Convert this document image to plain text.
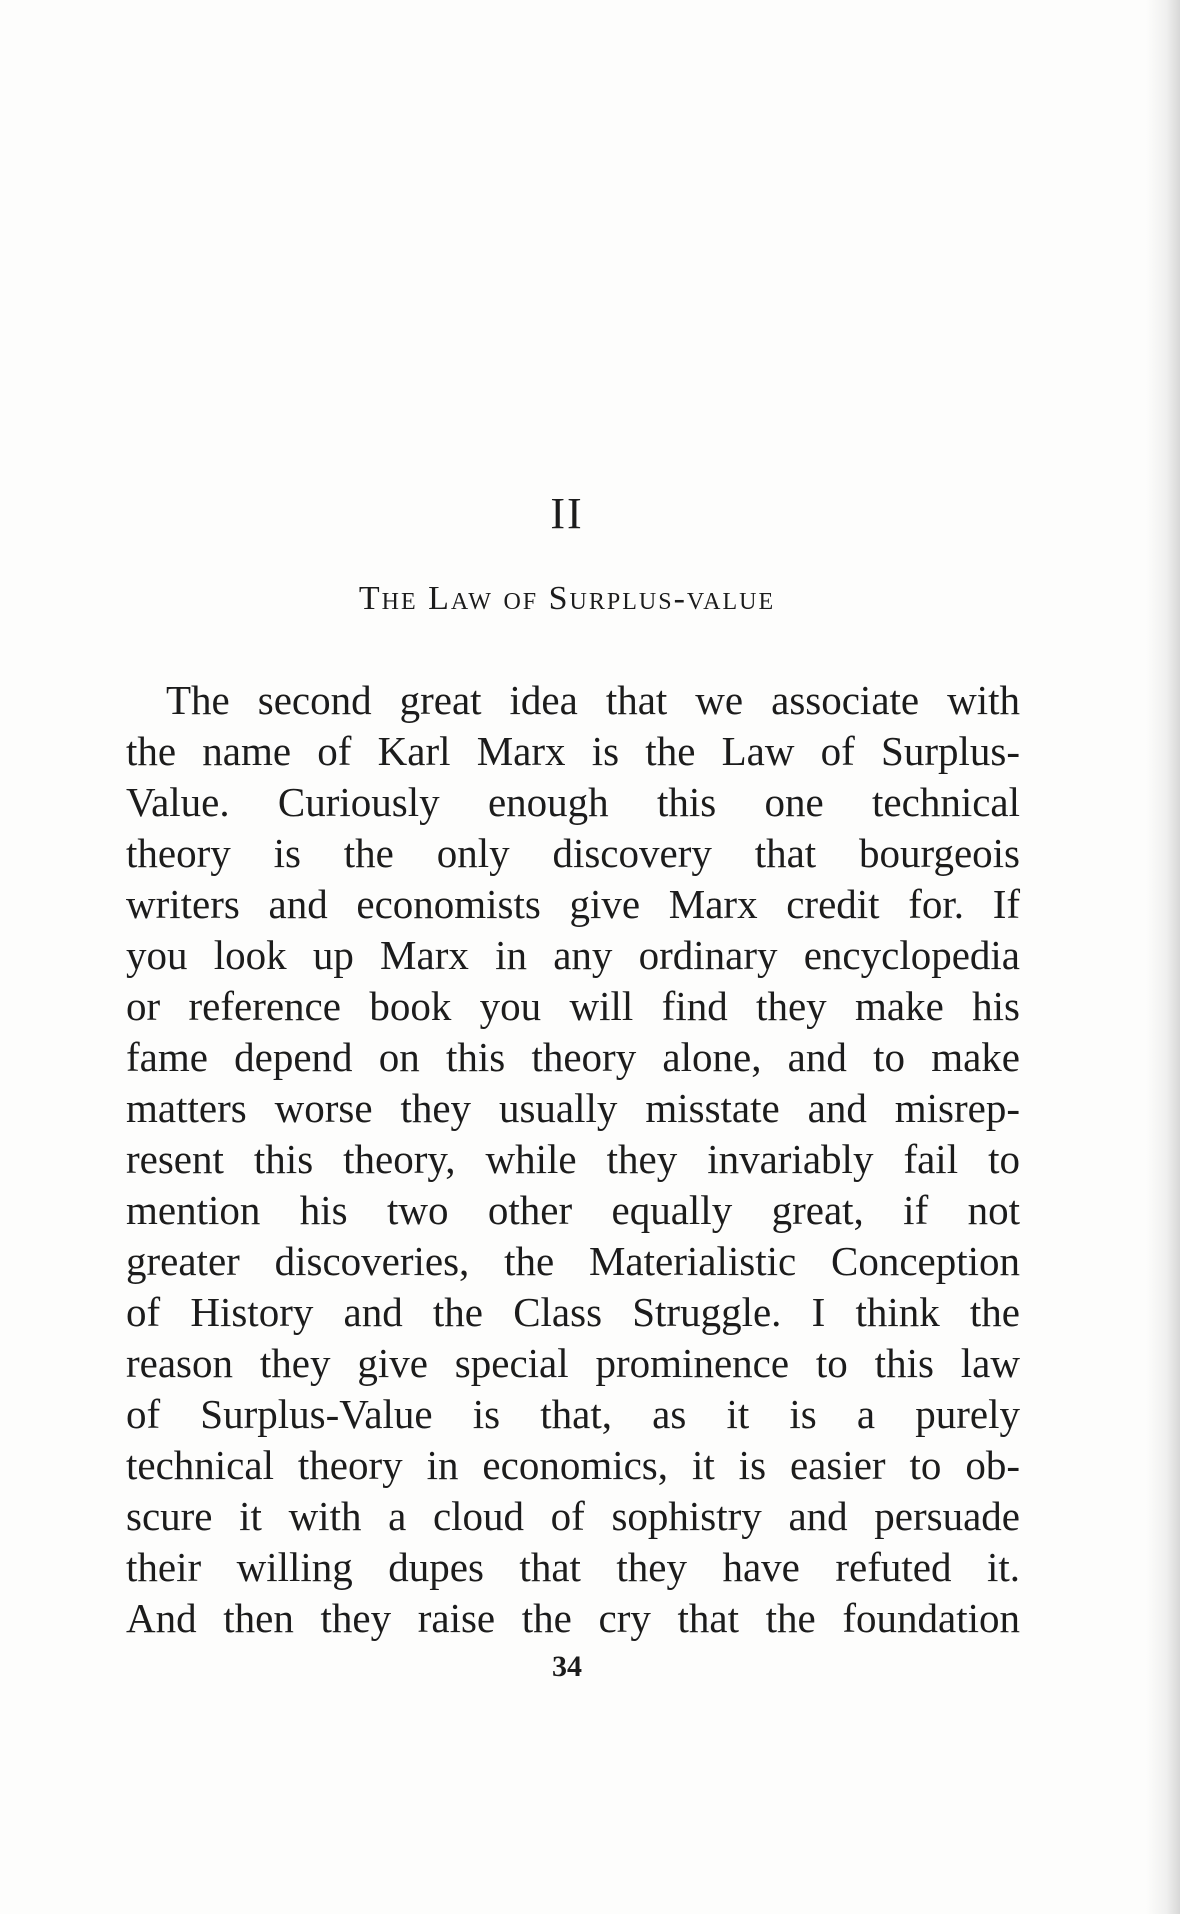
II
The Law of Surplus-value
The second great idea that we associate with
the name of Karl Marx is the Law of Surplus-
Value. Curiously enough this one technical
theory is the only discovery that bourgeois
writers and economists give Marx credit for. If
you look up Marx in any ordinary encyclopedia
or reference book you will find they make his
fame depend on this theory alone, and to make
matters worse they usually misstate and misrep-
resent this theory, while they invariably fail to
mention his two other equally great, if not
greater discoveries, the Materialistic Conception
of History and the Class Struggle. I think the
reason they give special prominence to this law
of Surplus-Value is that, as it is a purely
technical theory in economics, it is easier to ob-
scure it with a cloud of sophistry and persuade
their willing dupes that they have refuted it.
And then they raise the cry that the foundation
34
